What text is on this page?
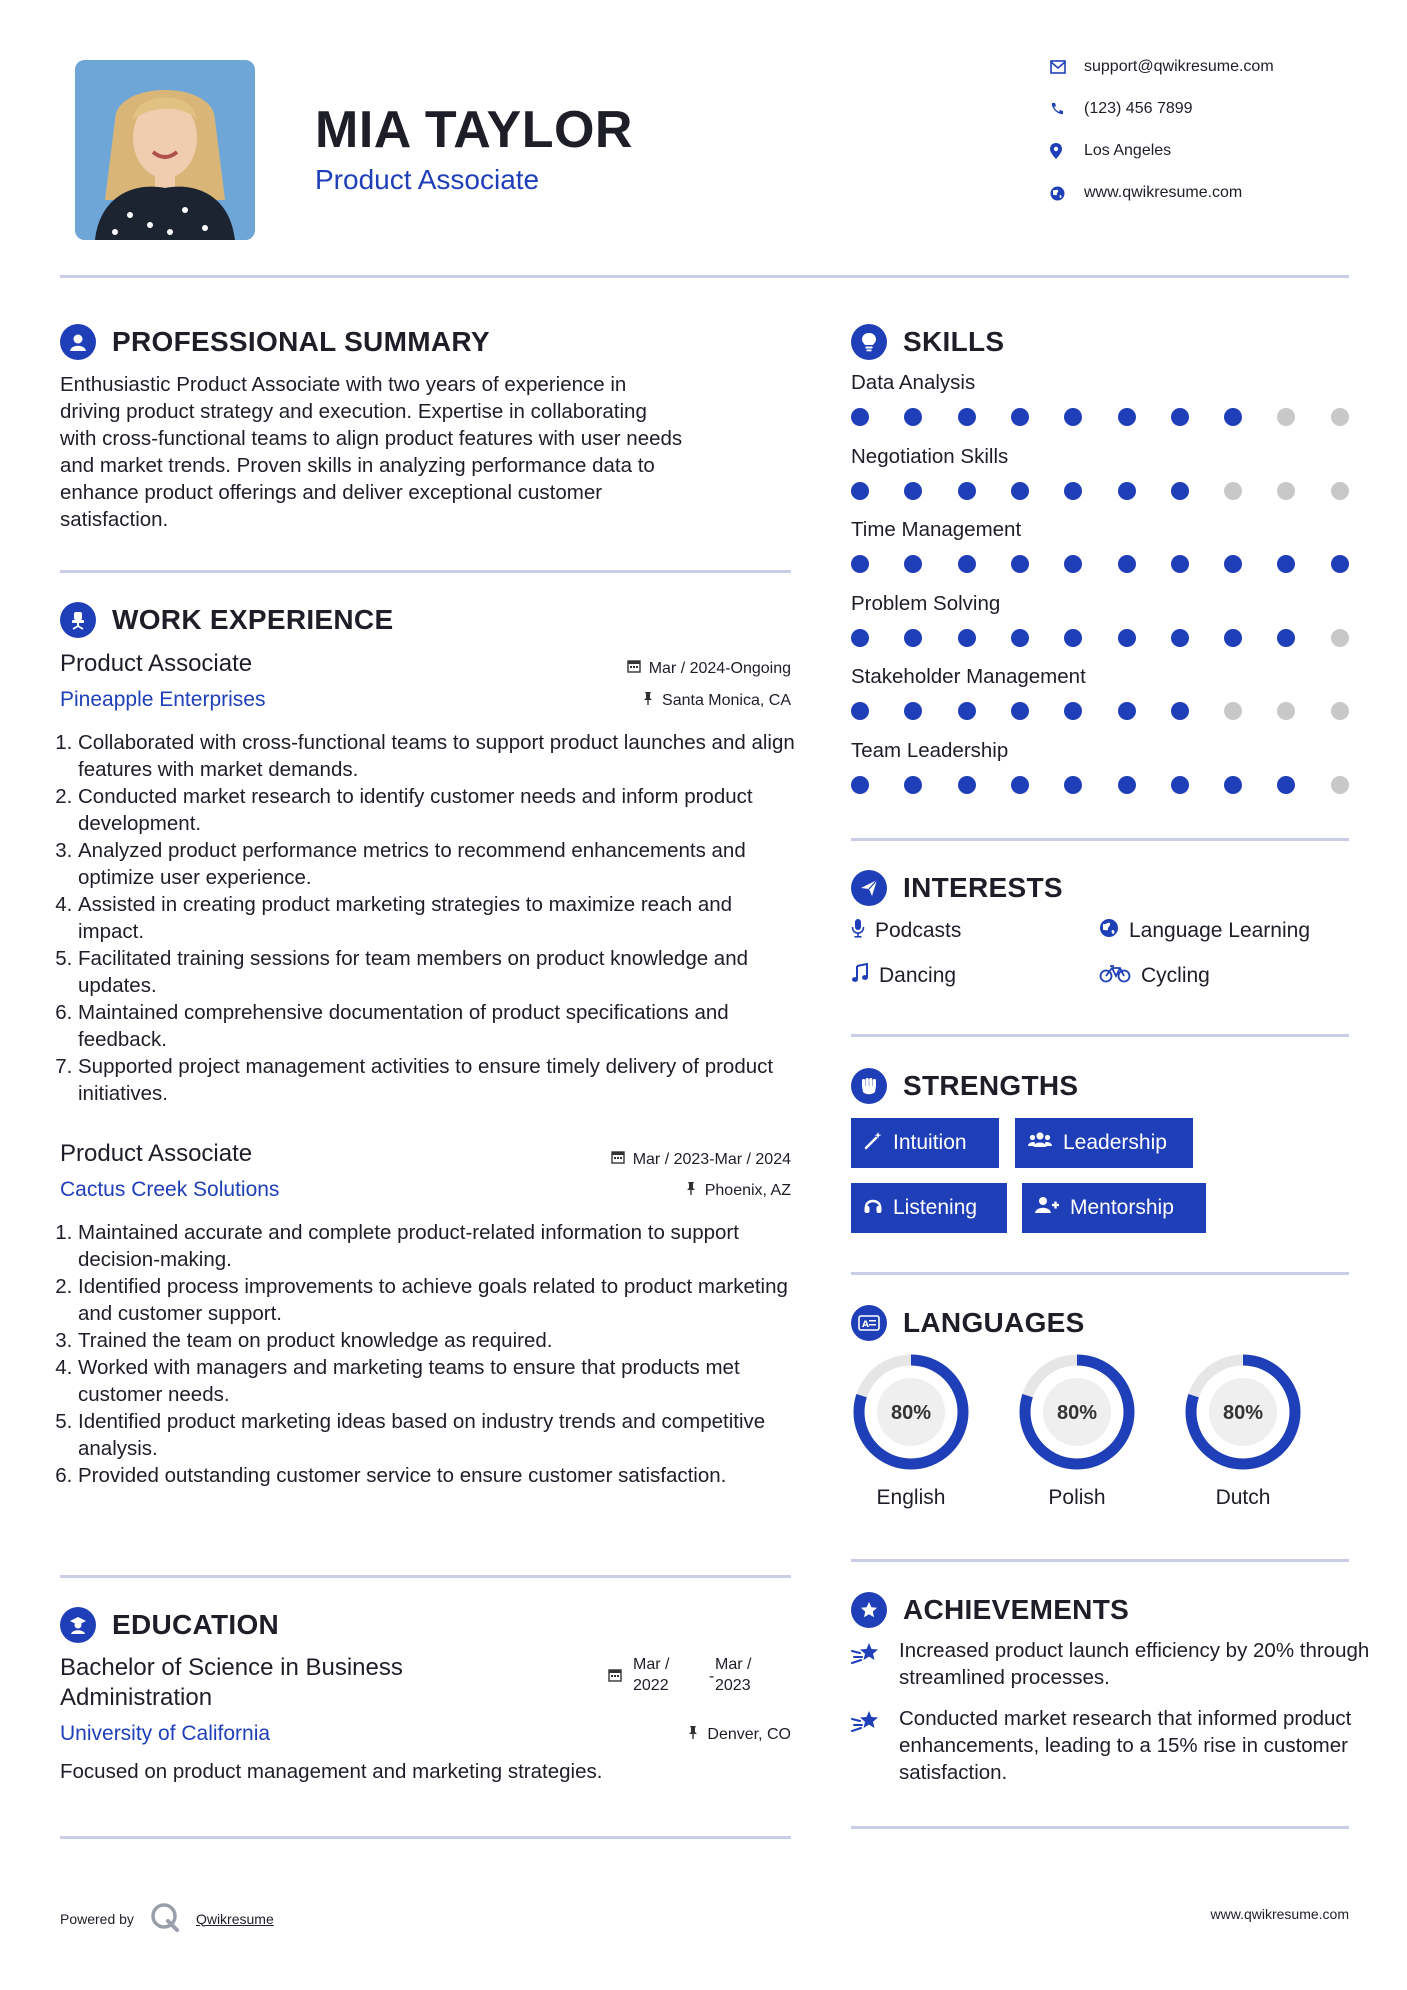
MIA TAYLOR
Product Associate
support@qwikresume.com
(123) 456 7899
Los Angeles
www.qwikresume.com
PROFESSIONAL SUMMARY
Enthusiastic Product Associate with two years of experience in
driving product strategy and execution. Expertise in collaborating
with cross-functional teams to align product features with user needs
and market trends. Proven skills in analyzing performance data to
enhance product offerings and deliver exceptional customer
satisfaction.
WORK EXPERIENCE
Product Associate	Mar / 2024-Ongoing
Pineapple Enterprises	Santa Monica, CA
1. Collaborated with cross-functional teams to support product launches and align features with market demands.
2. Conducted market research to identify customer needs and inform product development.
3. Analyzed product performance metrics to recommend enhancements and optimize user experience.
4. Assisted in creating product marketing strategies to maximize reach and impact.
5. Facilitated training sessions for team members on product knowledge and updates.
6. Maintained comprehensive documentation of product specifications and feedback.
7. Supported project management activities to ensure timely delivery of product initiatives.
Product Associate	Mar / 2023-Mar / 2024
Cactus Creek Solutions	Phoenix, AZ
1. Maintained accurate and complete product-related information to support decision-making.
2. Identified process improvements to achieve goals related to product marketing and customer support.
3. Trained the team on product knowledge as required.
4. Worked with managers and marketing teams to ensure that products met customer needs.
5. Identified product marketing ideas based on industry trends and competitive analysis.
6. Provided outstanding customer service to ensure customer satisfaction.
EDUCATION
Bachelor of Science in Business
Administration
Mar /
2022
-
Mar /
2023
University of California	Denver, CO
Focused on product management and marketing strategies.
SKILLS
Data Analysis
Negotiation Skills
Time Management
Problem Solving
Stakeholder Management
Team Leadership
INTERESTS
Podcasts	Language Learning
Dancing	Cycling
STRENGTHS
Intuition	Leadership
Listening	Mentorship
A LANGUAGES
80%
English
80%
Polish
80%
Dutch
ACHIEVEMENTS
Increased product launch efficiency by 20% through streamlined processes.
Conducted market research that informed product enhancements, leading to a 15% rise in customer satisfaction.
Powered by	Qwikresume	www.qwikresume.com
